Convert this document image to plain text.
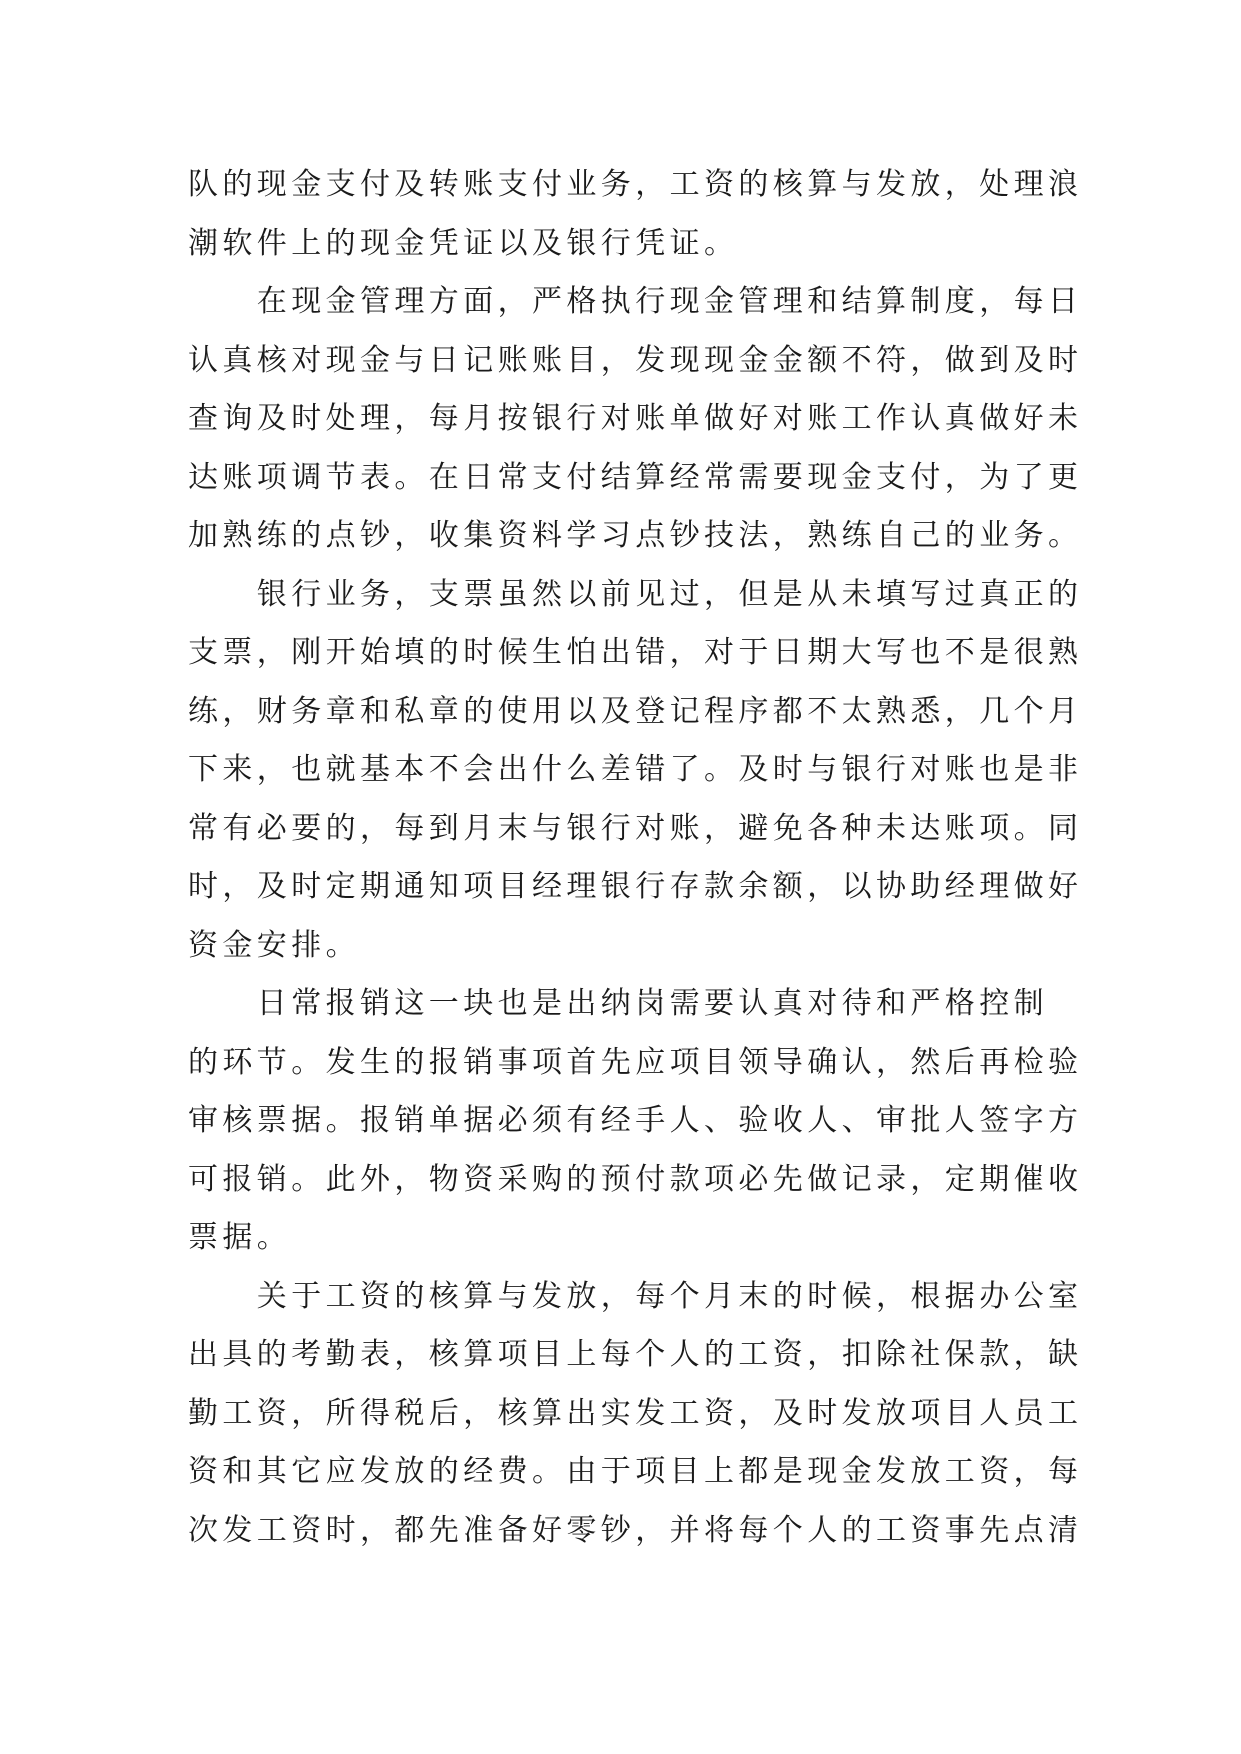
队的现金支付及转账支付业务，工资的核算与发放，处理浪
潮软件上的现金凭证以及银行凭证。
　　在现金管理方面，严格执行现金管理和结算制度，每日
认真核对现金与日记账账目，发现现金金额不符，做到及时
查询及时处理，每月按银行对账单做好对账工作认真做好未
达账项调节表。在日常支付结算经常需要现金支付，为了更
加熟练的点钞，收集资料学习点钞技法，熟练自己的业务。
　　银行业务，支票虽然以前见过，但是从未填写过真正的
支票，刚开始填的时候生怕出错，对于日期大写也不是很熟
练，财务章和私章的使用以及登记程序都不太熟悉，几个月
下来，也就基本不会出什么差错了。及时与银行对账也是非
常有必要的，每到月末与银行对账，避免各种未达账项。同
时，及时定期通知项目经理银行存款余额，以协助经理做好
资金安排。
　　日常报销这一块也是出纳岗需要认真对待和严格控制
的环节。发生的报销事项首先应项目领导确认，然后再检验
审核票据。报销单据必须有经手人、验收人、审批人签字方
可报销。此外，物资采购的预付款项必先做记录，定期催收
票据。
　　关于工资的核算与发放，每个月末的时候，根据办公室
出具的考勤表，核算项目上每个人的工资，扣除社保款，缺
勤工资，所得税后，核算出实发工资，及时发放项目人员工
资和其它应发放的经费。由于项目上都是现金发放工资，每
次发工资时，都先准备好零钞，并将每个人的工资事先点清
